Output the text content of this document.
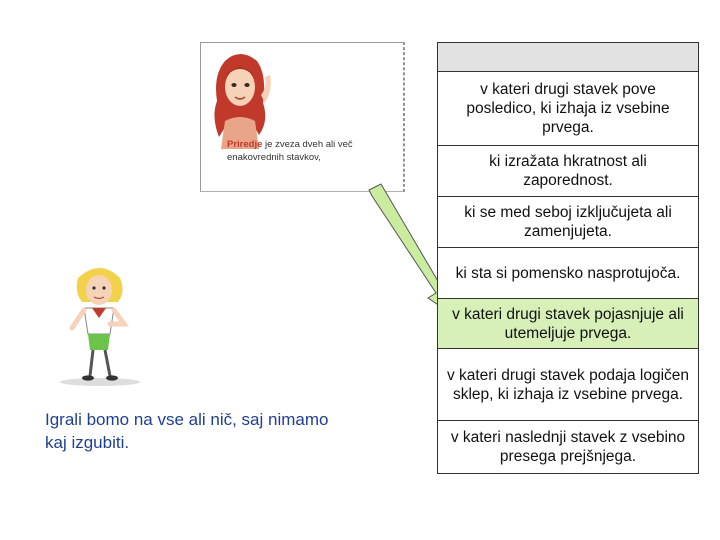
Priredje je zveza dveh ali več enakovrednih stavkov,
v kateri drugi stavek pove posledico, ki izhaja iz vsebine prvega.
ki izražata hkratnost ali zaporednost.
ki se med seboj izključujeta ali zamenjujeta.
ki sta si pomensko nasprotujoča.
v kateri drugi stavek pojasnjuje ali utemeljuje prvega.
v kateri drugi stavek podaja logičen sklep, ki izhaja iz vsebine prvega.
v kateri naslednji stavek z vsebino presega prejšnjega.
Igrali bomo na vse ali nič, saj nimamo kaj izgubiti.
